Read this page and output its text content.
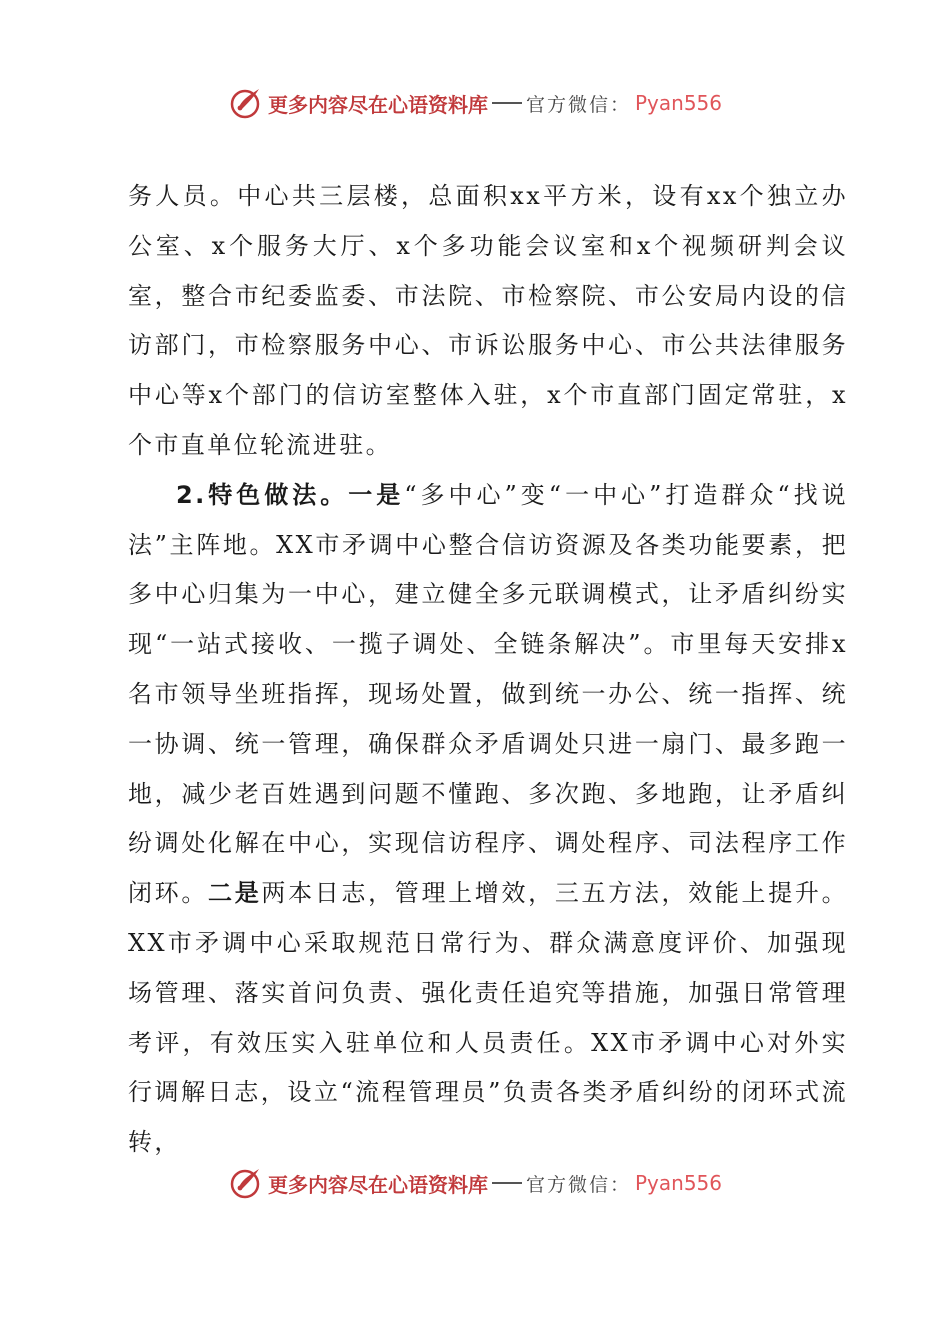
更多内容尽在心语资料库 官方微信： Pyan556

务人员。中心共三层楼，总面积xx平方米，设有xx个独立办公室、x个服务大厅、x个多功能会议室和x个视频研判会议室，整合市纪委监委、市法院、市检察院、市公安局内设的信访部门，市检察服务中心、市诉讼服务中心、市公共法律服务中心等x个部门的信访室整体入驻，x个市直部门固定常驻，x个市直单位轮流进驻。

2.特色做法。一是“多中心”变“一中心”打造群众“找说法”主阵地。XX市矛调中心整合信访资源及各类功能要素，把多中心归集为一中心，建立健全多元联调模式，让矛盾纠纷实现“一站式接收、一揽子调处、全链条解决”。市里每天安排x名市领导坐班指挥，现场处置，做到统一办公、统一指挥、统一协调、统一管理，确保群众矛盾调处只进一扇门、最多跑一地，减少老百姓遇到问题不懂跑、多次跑、多地跑，让矛盾纠纷调处化解在中心，实现信访程序、调处程序、司法程序工作闭环。二是两本日志，管理上增效，三五方法，效能上提升。XX市矛调中心采取规范日常行为、群众满意度评价、加强现场管理、落实首问负责、强化责任追究等措施，加强日常管理考评，有效压实入驻单位和人员责任。XX市矛调中心对外实行调解日志，设立“流程管理员”负责各类矛盾纠纷的闭环式流转，

更多内容尽在心语资料库 官方微信： Pyan556
